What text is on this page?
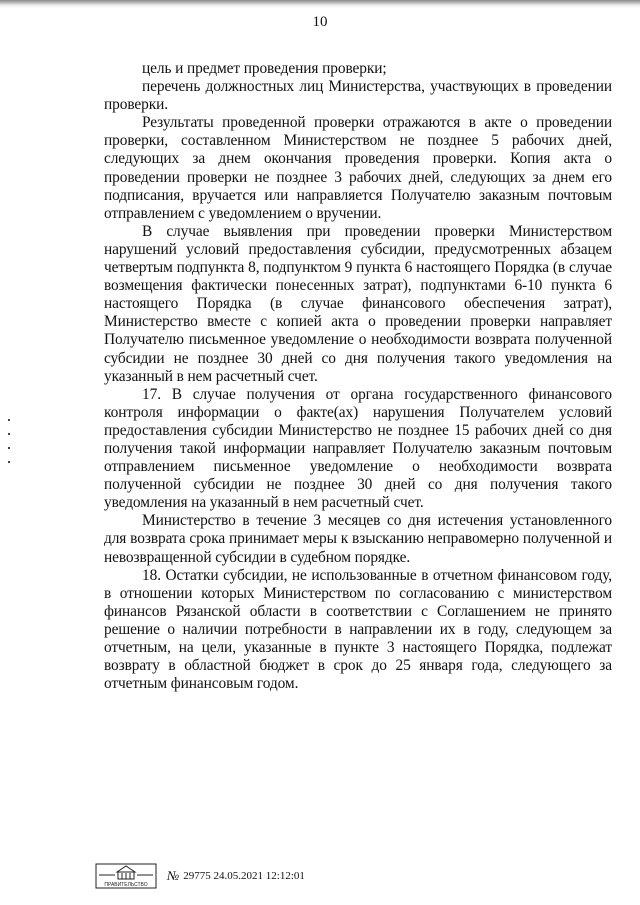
10

цель и предмет проведения проверки;

перечень должностных лиц Министерства, участвующих в проведении проверки.

Результаты проведенной проверки отражаются в акте о проведении проверки, составленном Министерством не позднее 5 рабочих дней, следующих за днем окончания проведения проверки. Копия акта о проведении проверки не позднее 3 рабочих дней, следующих за днем его подписания, вручается или направляется Получателю заказным почтовым отправлением с уведомлением о вручении.

В случае выявления при проведении проверки Министерством нарушений условий предоставления субсидии, предусмотренных абзацем четвертым подпункта 8, подпунктом 9 пункта 6 настоящего Порядка (в случае возмещения фактически понесенных затрат), подпунктами 6-10 пункта 6 настоящего Порядка (в случае финансового обеспечения затрат), Министерство вместе с копией акта о проведении проверки направляет Получателю письменное уведомление о необходимости возврата полученной субсидии не позднее 30 дней со дня получения такого уведомления на указанный в нем расчетный счет.

17. В случае получения от органа государственного финансового контроля информации о факте(ах) нарушения Получателем условий предоставления субсидии Министерство не позднее 15 рабочих дней со дня получения такой информации направляет Получателю заказным почтовым отправлением письменное уведомление о необходимости возврата полученной субсидии не позднее 30 дней со дня получения такого уведомления на указанный в нем расчетный счет.

Министерство в течение 3 месяцев со дня истечения установленного для возврата срока принимает меры к взысканию неправомерно полученной и невозвращенной субсидии в судебном порядке.

18. Остатки субсидии, не использованные в отчетном финансовом году, в отношении которых Министерством по согласованию с министерством финансов Рязанской области в соответствии с Соглашением не принято решение о наличии потребности в направлении их в году, следующем за отчетным, на цели, указанные в пункте 3 настоящего Порядка, подлежат возврату в областной бюджет в срок до 25 января года, следующего за отчетным финансовым годом.

ПРАВИТЕЛЬСТВО
№ 29775 24.05.2021 12:12:01
